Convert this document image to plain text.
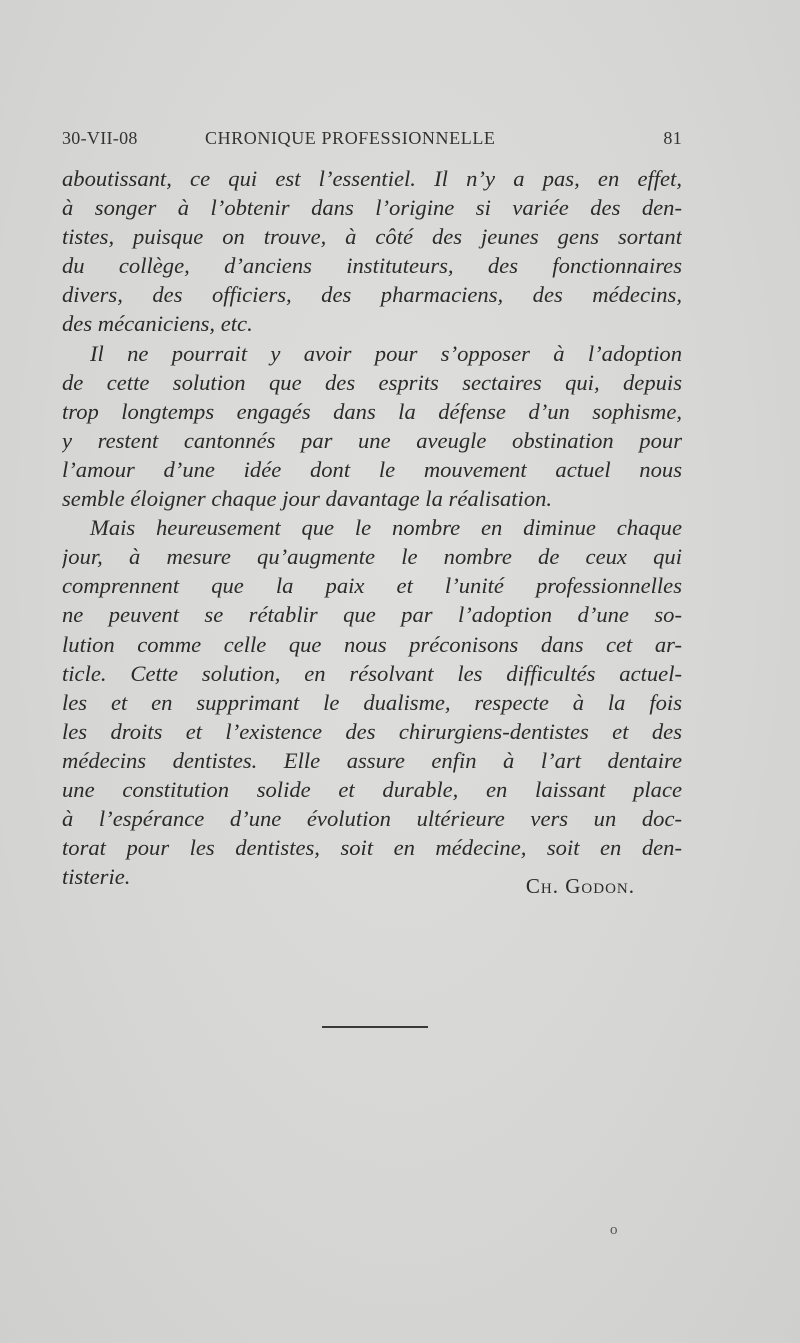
30-VII-08	CHRONIQUE PROFESSIONNELLE	81
aboutissant, ce qui est l’essentiel. Il n’y a pas, en effet,
à songer à l’obtenir dans l’origine si variée des den-
tistes, puisque on trouve, à côté des jeunes gens sortant
du collège, d’anciens instituteurs, des fonctionnaires
divers, des officiers, des pharmaciens, des médecins,
des mécaniciens, etc.
Il ne pourrait y avoir pour s’opposer à l’adoption
de cette solution que des esprits sectaires qui, depuis
trop longtemps engagés dans la défense d’un sophisme,
y restent cantonnés par une aveugle obstination pour
l’amour d’une idée dont le mouvement actuel nous
semble éloigner chaque jour davantage la réalisation.
Mais heureusement que le nombre en diminue chaque
jour, à mesure qu’augmente le nombre de ceux qui
comprennent que la paix et l’unité professionnelles
ne peuvent se rétablir que par l’adoption d’une so-
lution comme celle que nous préconisons dans cet ar-
ticle. Cette solution, en résolvant les difficultés actuel-
les et en supprimant le dualisme, respecte à la fois
les droits et l’existence des chirurgiens-dentistes et des
médecins dentistes. Elle assure enfin à l’art dentaire
une constitution solide et durable, en laissant place
à l’espérance d’une évolution ultérieure vers un doc-
torat pour les dentistes, soit en médecine, soit en den-
tisterie.	Ch. Godon.
o
